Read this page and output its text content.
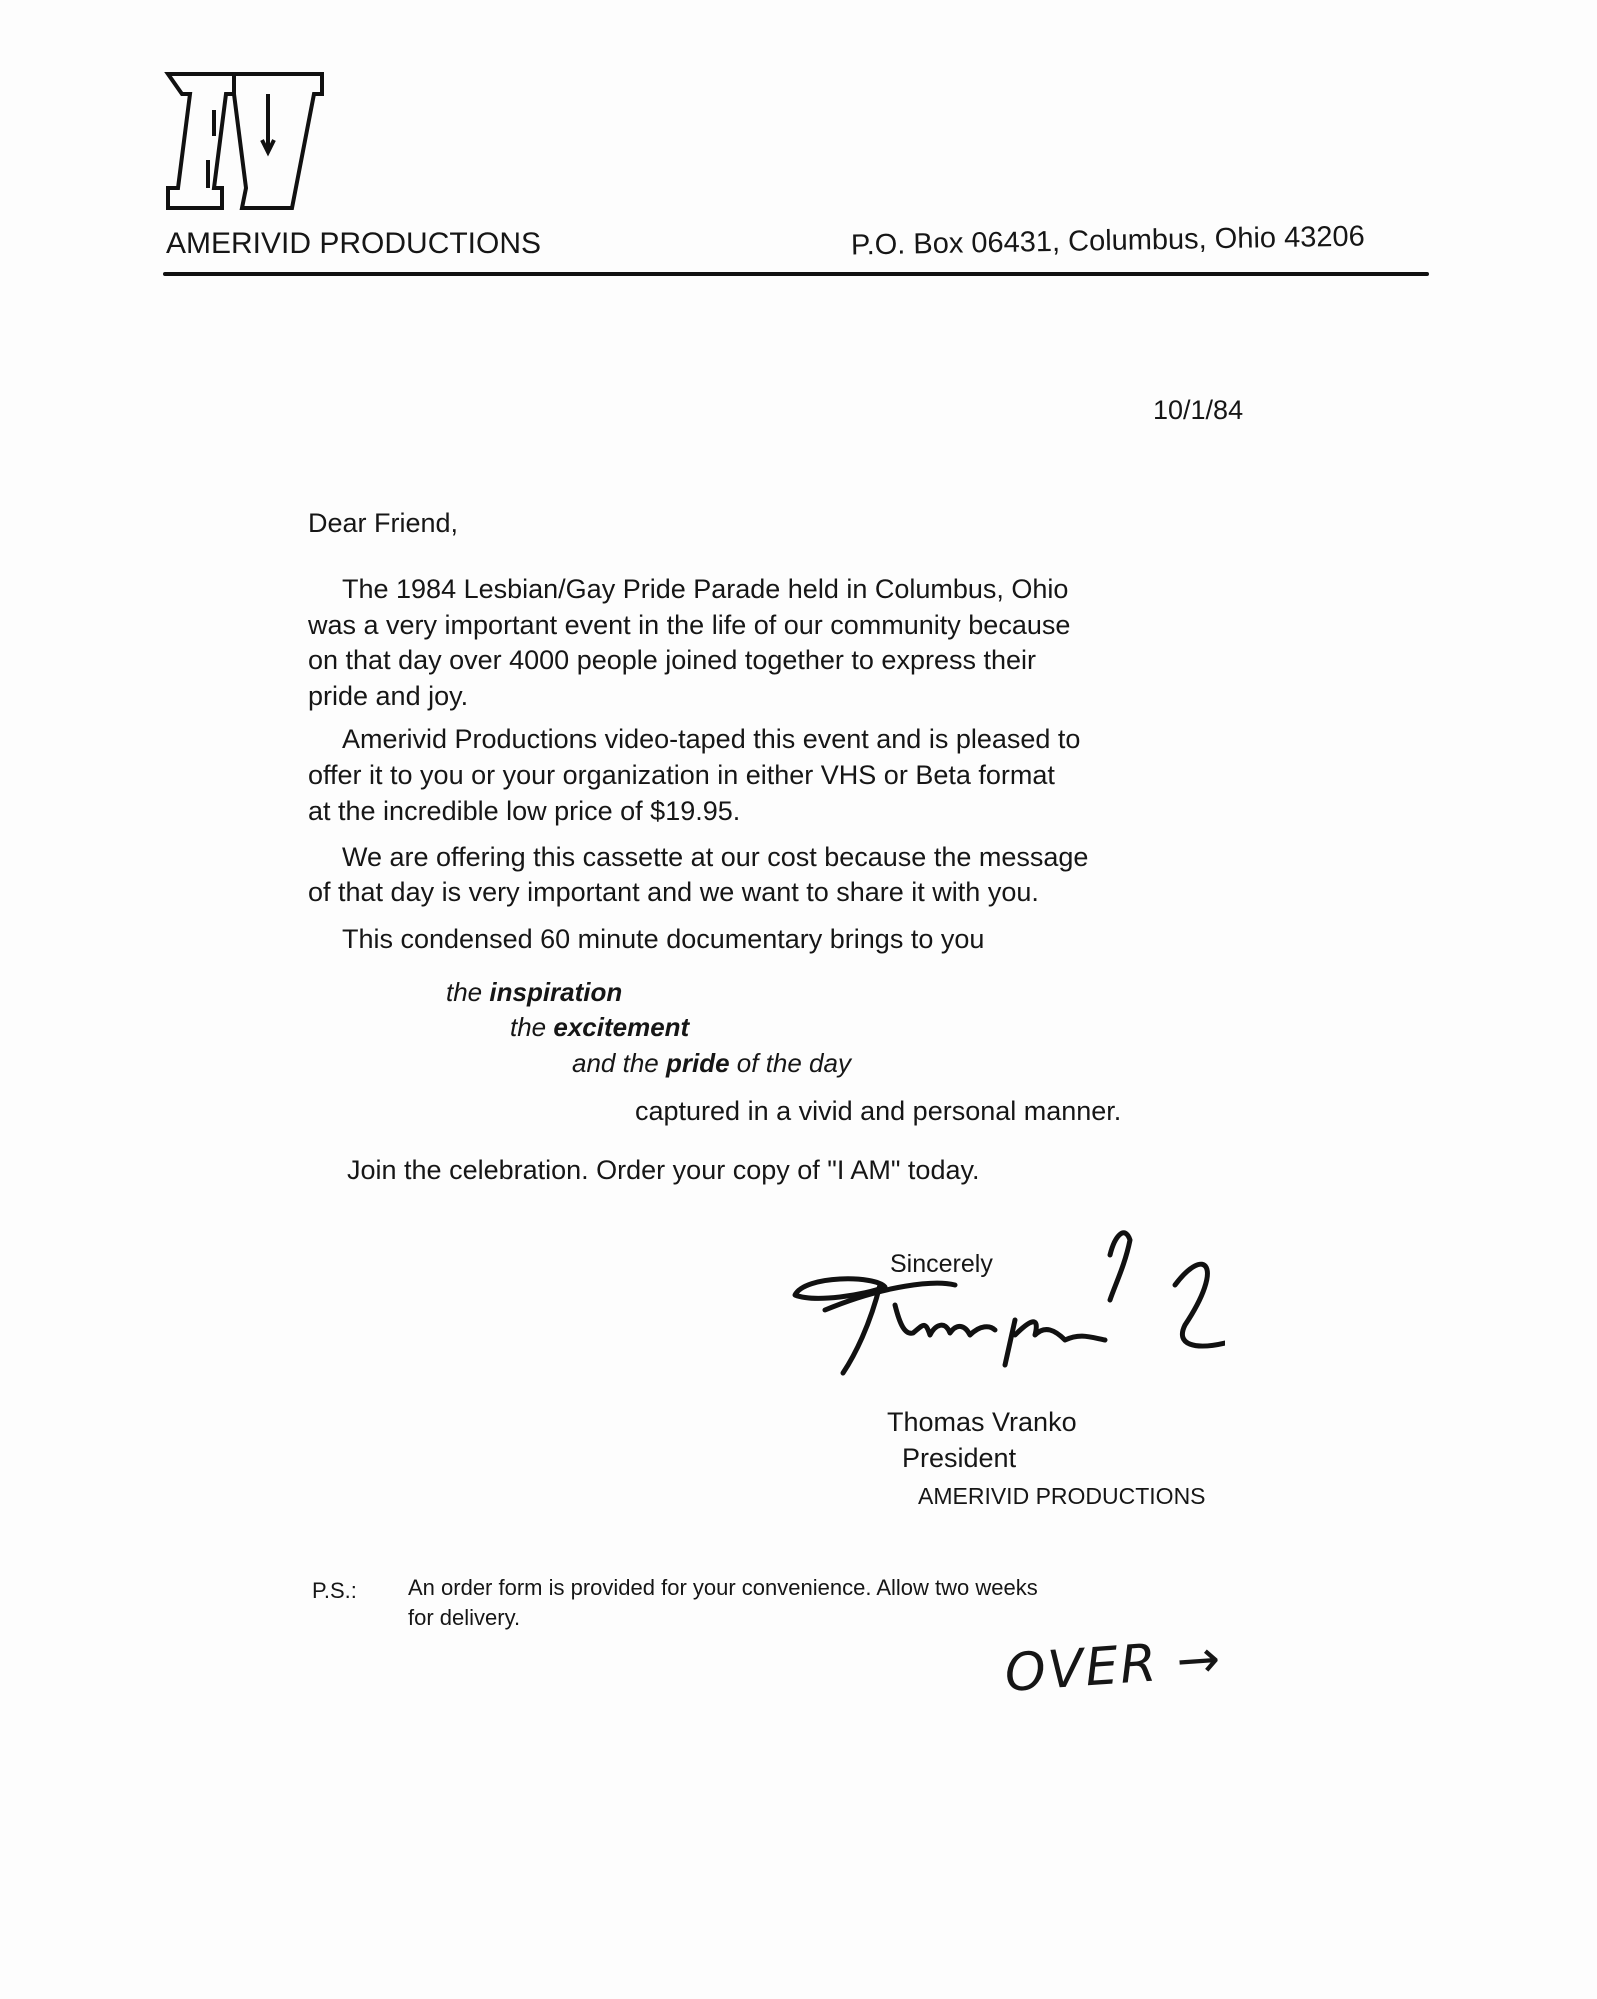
AMERIVID PRODUCTIONS	P.O. Box 06431, Columbus, Ohio 43206
10/1/84
Dear Friend,
The 1984 Lesbian/Gay Pride Parade held in Columbus, Ohio
was a very important event in the life of our community because
on that day over 4000 people joined together to express their
pride and joy.
Amerivid Productions video-taped this event and is pleased to
offer it to you or your organization in either VHS or Beta format
at the incredible low price of $19.95.
We are offering this cassette at our cost because the message
of that day is very important and we want to share it with you.
This condensed 60 minute documentary brings to you
the inspiration
the excitement
and the pride of the day
captured in a vivid and personal manner.
Join the celebration. Order your copy of "I AM" today.
Sincerely
Thomas Vranko
President
AMERIVID PRODUCTIONS
P.S.: An order form is provided for your convenience. Allow two weeks
for delivery.
OVER →
